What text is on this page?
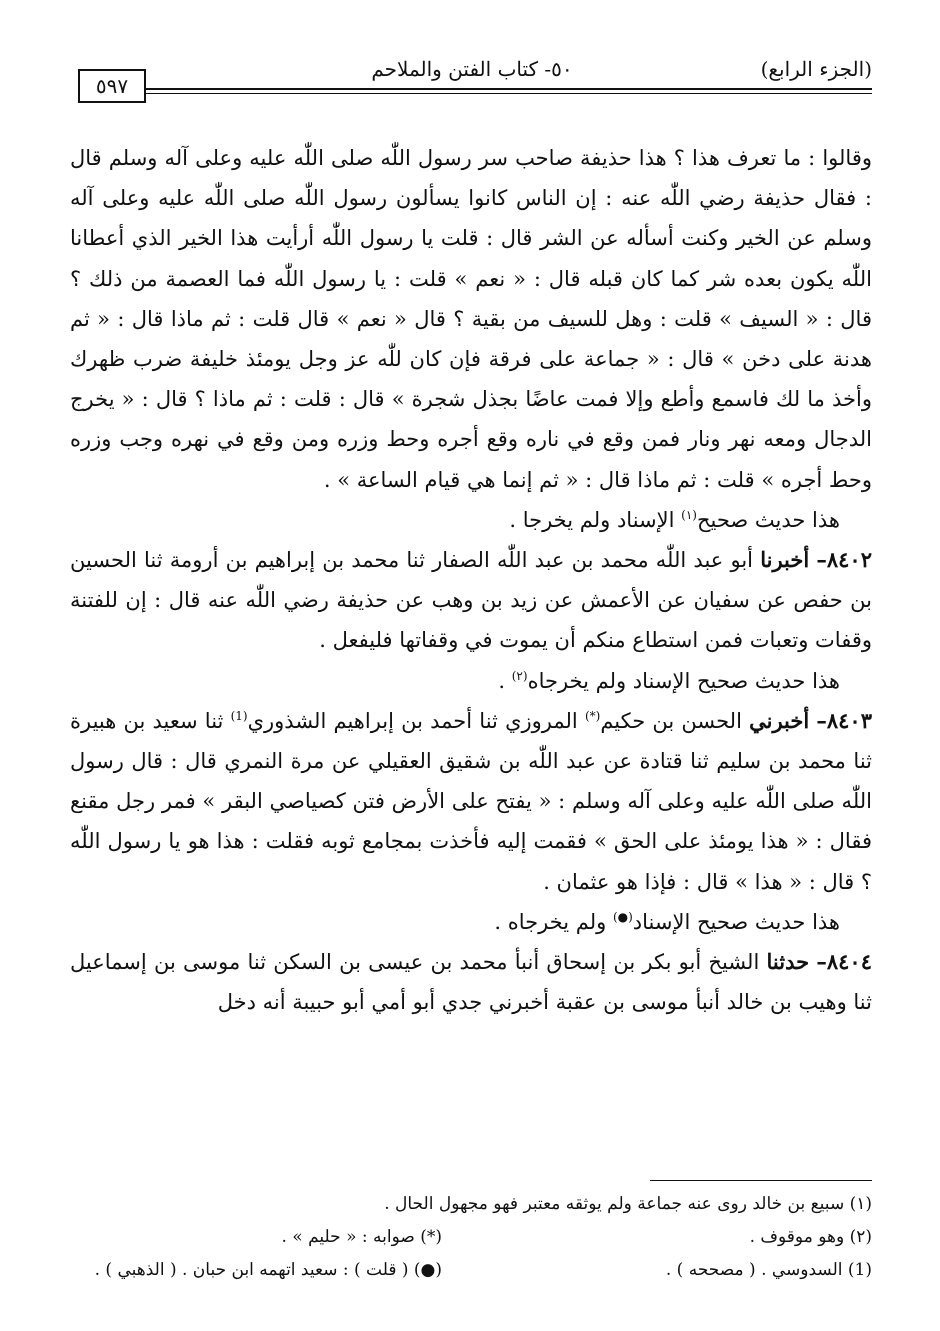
(الجزء الرابع)
٥٠- كتاب الفتن والملاحم
٥٩٧

وقالوا : ما تعرف هذا ؟ هذا حذيفة صاحب سر رسول اللّٰه صلى اللّٰه عليه وعلى آله وسلم قال : فقال حذيفة رضي اللّٰه عنه : إن الناس كانوا يسألون رسول اللّٰه صلى اللّٰه عليه وعلى آله وسلم عن الخير وكنت أسأله عن الشر قال : قلت يا رسول اللّٰه أرأيت هذا الخير الذي أعطانا اللّٰه يكون بعده شر كما كان قبله قال : « نعم » قلت : يا رسول اللّٰه فما العصمة من ذلك ؟ قال : « السيف » قلت : وهل للسيف من بقية ؟ قال « نعم » قال قلت : ثم ماذا قال : « ثم هدنة على دخن » قال : « جماعة على فرقة فإن كان للّٰه عز وجل يومئذ خليفة ضرب ظهرك وأخذ ما لك فاسمع وأطع وإلا فمت عاضًا بجذل شجرة » قال : قلت : ثم ماذا ؟ قال : « يخرج الدجال ومعه نهر ونار فمن وقع في ناره وقع أجره وحط وزره ومن وقع في نهره وجب وزره وحط أجره » قلت : ثم ماذا قال : « ثم إنما هي قيام الساعة » .

هذا حديث صحيح$^{(١)}$ الإسناد ولم يخرجا .

٨٤٠٢– أخبرنا أبو عبد اللّٰه محمد بن عبد اللّٰه الصفار ثنا محمد بن إبراهيم بن أرومة ثنا الحسين بن حفص عن سفيان عن الأعمش عن زيد بن وهب عن حذيفة رضي اللّٰه عنه قال : إن للفتنة وقفات وتعبات فمن استطاع منكم أن يموت في وقفاتها فليفعل .

هذا حديث صحيح الإسناد ولم يخرجاه$^{(٢)}$ .

٨٤٠٣– أخبرني الحسن بن حكيم(*) المروزي ثنا أحمد بن إبراهيم الشذوري$^{(1)}$ ثنا سعيد بن هبيرة ثنا محمد بن سليم ثنا قتادة عن عبد اللّٰه بن شقيق العقيلي عن مرة النمري قال : قال رسول اللّٰه صلى اللّٰه عليه وعلى آله وسلم : « يفتح على الأرض فتن كصياصي البقر » فمر رجل مقنع فقال : « هذا يومئذ على الحق » فقمت إليه فأخذت بمجامع ثوبه فقلت : هذا هو يا رسول اللّٰه ؟ قال : « هذا » قال : فإذا هو عثمان .

هذا حديث صحيح الإسناد(●) ولم يخرجاه .

٨٤٠٤– حدثنا الشيخ أبو بكر بن إسحاق أنبأ محمد بن عيسى بن السكن ثنا موسى بن إسماعيل ثنا وهيب بن خالد أنبأ موسى بن عقبة أخبرني جدي أبو أمي أبو حبيبة أنه دخل

(١) سبيع بن خالد روى عنه جماعة ولم يوثقه معتبر فهو مجهول الحال .
(٢) وهو موقوف .
(*) صوابه : « حليم » .
(1) السدوسي . ( مصححه ) .
(●) ( قلت ) : سعيد اتهمه ابن حبان . ( الذهبي ) .
